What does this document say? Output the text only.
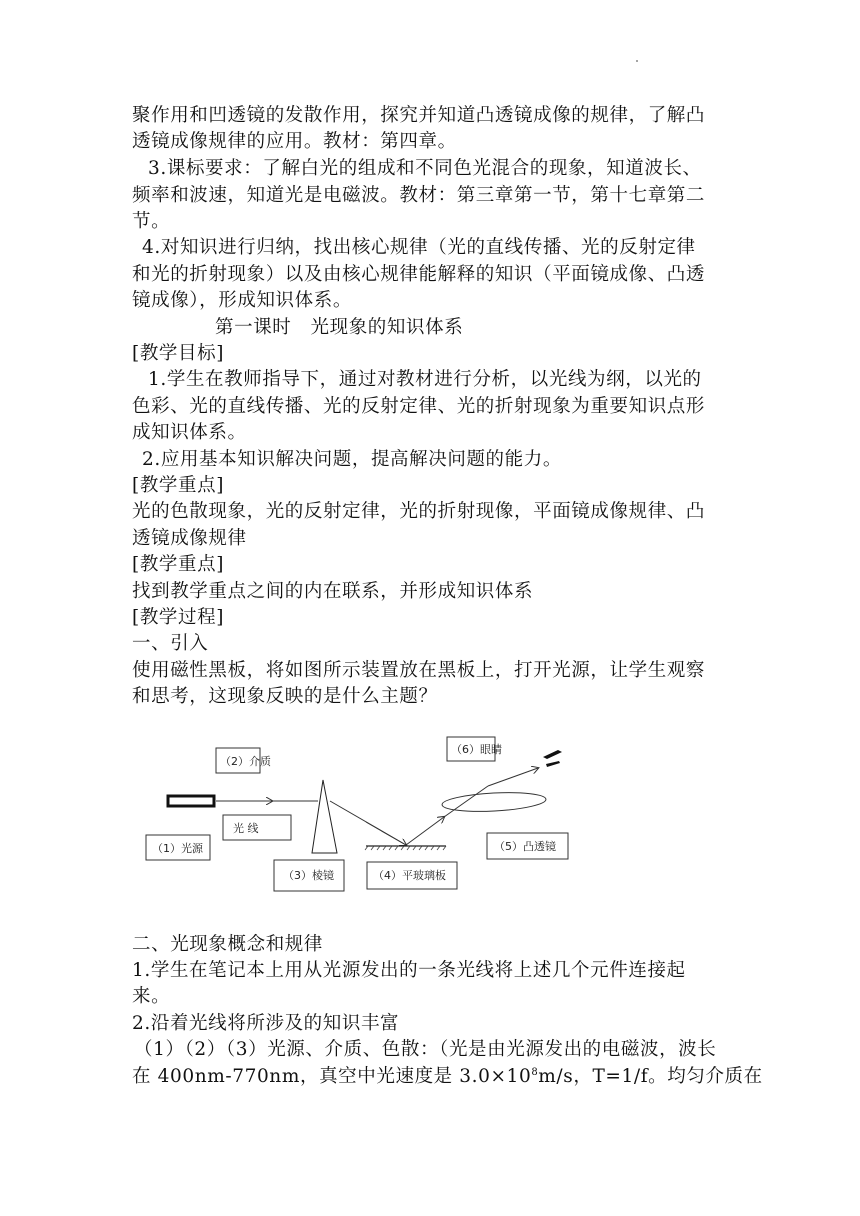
聚作用和凹透镜的发散作用，探究并知道凸透镜成像的规律，了解凸
透镜成像规律的应用。教材：第四章。
3.课标要求：了解白光的组成和不同色光混合的现象，知道波长、
频率和波速，知道光是电磁波。教材：第三章第一节，第十七章第二
节。
4.对知识进行归纳，找出核心规律（光的直线传播、光的反射定律
和光的折射现象）以及由核心规律能解释的知识（平面镜成像、凸透
镜成像），形成知识体系。
第一课时　光现象的知识体系
[教学目标]
1.学生在教师指导下，通过对教材进行分析，以光线为纲，以光的
色彩、光的直线传播、光的反射定律、光的折射现象为重要知识点形
成知识体系。
2.应用基本知识解决问题，提高解决问题的能力。
[教学重点]
光的色散现象，光的反射定律，光的折射现像，平面镜成像规律、凸
透镜成像规律
[教学重点]
找到教学重点之间的内在联系，并形成知识体系
[教学过程]
一、引入
使用磁性黑板，将如图所示装置放在黑板上，打开光源，让学生观察
和思考，这现象反映的是什么主题？
（2）介质
（6）眼睛
光 线
（1）光源
（3）棱镜	（4）平玻璃板
（5）凸透镜
二、光现象概念和规律
1.学生在笔记本上用从光源发出的一条光线将上述几个元件连接起
来。
2.沿着光线将所涉及的知识丰富
（1）（2）（3）光源、介质、色散：（光是由光源发出的电磁波，波长
在 400nm-770nm，真空中光速度是 $3.0\times 10^8m/s$，T=1/f。均匀介质在
